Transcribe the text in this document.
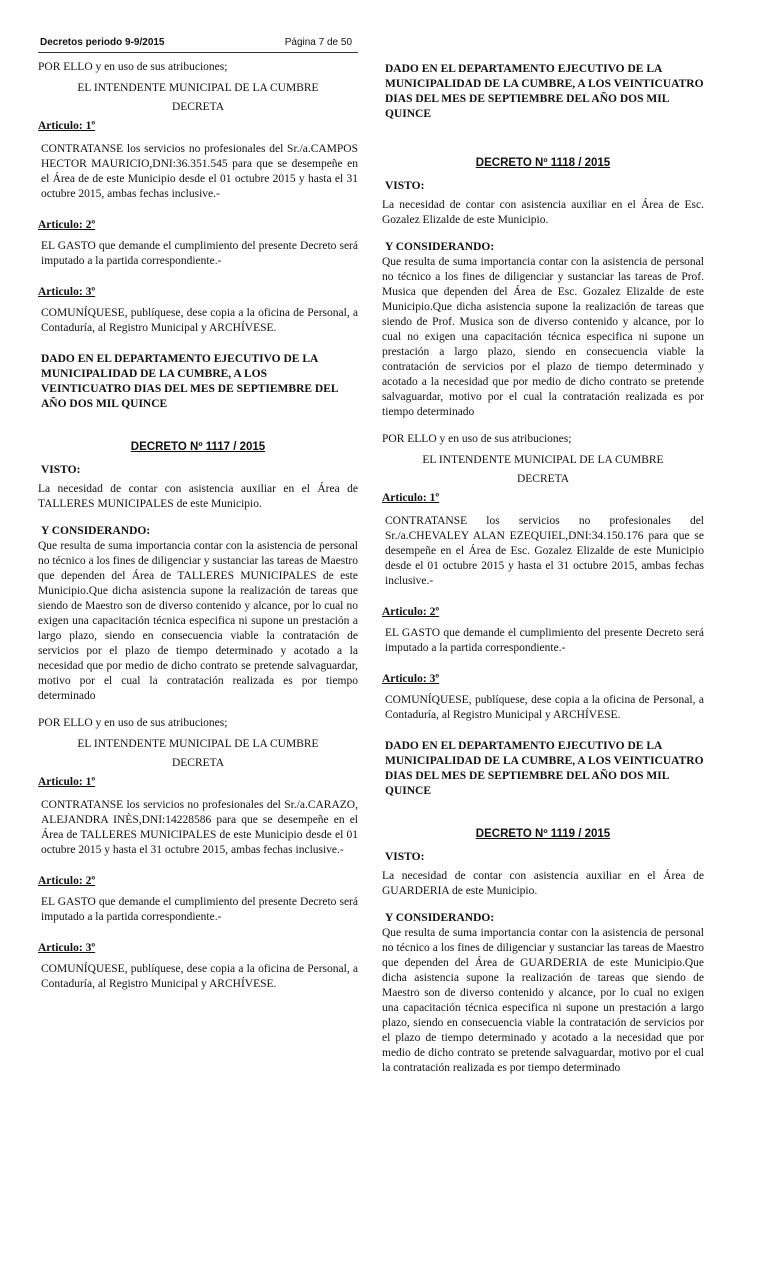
Decretos periodo 9-9/2015	Página 7 de 50

POR ELLO y en uso de sus atribuciones;

EL INTENDENTE MUNICIPAL DE LA CUMBRE

DECRETA

Articulo: 1º

CONTRATANSE los servicios no profesionales del Sr./a.CAMPOS HECTOR MAURICIO,DNI:36.351.545 para que se desempeñe en el Área de de este Municipio desde el 01 octubre 2015 y hasta el 31 octubre 2015, ambas fechas inclusive.-

Articulo: 2º

EL GASTO que demande el cumplimiento del presente Decreto será imputado a la partida correspondiente.-

Articulo: 3º

COMUNÍQUESE, publíquese, dese copia a la oficina de Personal, a Contaduría, al Registro Municipal y ARCHÍVESE.

DADO EN EL DEPARTAMENTO EJECUTIVO DE LA MUNICIPALIDAD DE LA CUMBRE, A LOS VEINTICUATRO DIAS DEL MES DE SEPTIEMBRE DEL AÑO DOS MIL QUINCE

DECRETO Nº 1117 / 2015

VISTO:

La necesidad de contar con asistencia auxiliar en el Área de TALLERES MUNICIPALES de este Municipio.

Y CONSIDERANDO:

Que resulta de suma importancia contar con la asistencia de personal no técnico a los fines de diligenciar y sustanciar las tareas de Maestro que dependen del Área de TALLERES MUNICIPALES de este Municipio.Que dicha asistencia supone la realización de tareas que siendo de Maestro son de diverso contenido y alcance, por lo cual no exigen una capacitación técnica especifica ni supone un prestación a largo plazo, siendo en consecuencia viable la contratación de servicios por el plazo de tiempo determinado y acotado a la necesidad que por medio de dicho contrato se pretende salvaguardar, motivo por el cual la contratación realizada es por tiempo determinado

POR ELLO y en uso de sus atribuciones;

EL INTENDENTE MUNICIPAL DE LA CUMBRE

DECRETA

Articulo: 1º

CONTRATANSE los servicios no profesionales del Sr./a.CARAZO, ALEJANDRA INÈS,DNI:14228586 para que se desempeñe en el Área de TALLERES MUNICIPALES de este Municipio desde el 01 octubre 2015 y hasta el 31 octubre 2015, ambas fechas inclusive.-

Articulo: 2º

EL GASTO que demande el cumplimiento del presente Decreto será imputado a la partida correspondiente.-

Articulo: 3º

COMUNÍQUESE, publíquese, dese copia a la oficina de Personal, a Contaduría, al Registro Municipal y ARCHÍVESE.

DADO EN EL DEPARTAMENTO EJECUTIVO DE LA MUNICIPALIDAD DE LA CUMBRE, A LOS VEINTICUATRO DIAS DEL MES DE SEPTIEMBRE DEL AÑO DOS MIL QUINCE

DECRETO Nº 1118 / 2015

VISTO:

La necesidad de contar con asistencia auxiliar en el Área de Esc. Gozalez Elizalde de este Municipio.

Y CONSIDERANDO:

Que resulta de suma importancia contar con la asistencia de personal no técnico a los fines de diligenciar y sustanciar las tareas de Prof. Musica que dependen del Área de Esc. Gozalez Elizalde de este Municipio.Que dicha asistencia supone la realización de tareas que siendo de Prof. Musica son de diverso contenido y alcance, por lo cual no exigen una capacitación técnica especifica ni supone un prestación a largo plazo, siendo en consecuencia viable la contratación de servicios por el plazo de tiempo determinado y acotado a la necesidad que por medio de dicho contrato se pretende salvaguardar, motivo por el cual la contratación realizada es por tiempo determinado

POR ELLO y en uso de sus atribuciones;

EL INTENDENTE MUNICIPAL DE LA CUMBRE

DECRETA

Articulo: 1º

CONTRATANSE los servicios no profesionales del Sr./a.CHEVALEY ALAN EZEQUIEL,DNI:34.150.176 para que se desempeñe en el Área de Esc. Gozalez Elizalde de este Municipio desde el 01 octubre 2015 y hasta el 31 octubre 2015, ambas fechas inclusive.-

Articulo: 2º

EL GASTO que demande el cumplimiento del presente Decreto será imputado a la partida correspondiente.-

Articulo: 3º

COMUNÍQUESE, publíquese, dese copia a la oficina de Personal, a Contaduría, al Registro Municipal y ARCHÍVESE.

DADO EN EL DEPARTAMENTO EJECUTIVO DE LA MUNICIPALIDAD DE LA CUMBRE, A LOS VEINTICUATRO DIAS DEL MES DE SEPTIEMBRE DEL AÑO DOS MIL QUINCE

DECRETO Nº 1119 / 2015

VISTO:

La necesidad de contar con asistencia auxiliar en el Área de GUARDERIA de este Municipio.

Y CONSIDERANDO:

Que resulta de suma importancia contar con la asistencia de personal no técnico a los fines de diligenciar y sustanciar las tareas de Maestro que dependen del Área de GUARDERIA de este Municipio.Que dicha asistencia supone la realización de tareas que siendo de Maestro son de diverso contenido y alcance, por lo cual no exigen una capacitación técnica especifica ni supone un prestación a largo plazo, siendo en consecuencia viable la contratación de servicios por el plazo de tiempo determinado y acotado a la necesidad que por medio de dicho contrato se pretende salvaguardar, motivo por el cual la contratación realizada es por tiempo determinado
